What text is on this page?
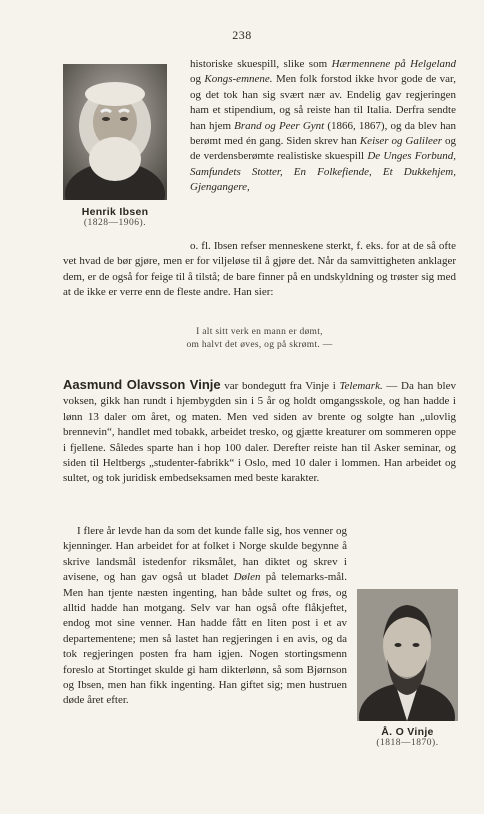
238
Henrik Ibsen
(1828—1906).

historiske skuespill, slike som Hærmennene på Helgeland og Kongs-emnene. Men folk forstod ikke hvor gode de var, og det tok han sig svært nær av. Endelig gav regjeringen ham et stipendium, og så reiste han til Italia. Derfra sendte han hjem Brand og Peer Gynt (1866, 1867), og da blev han berømt med én gang. Siden skrev han Keiser og Galileer og de verdensberømte realistiske skuespill De Unges Forbund, Samfundets Stotter, En Folkefiende, Et Dukkehjem, Gjengangere,

o. fl. Ibsen refser menneskene sterkt, f. eks. for at de så ofte vet hvad de bør gjøre, men er for viljeløse til å gjøre det. Når da samvittigheten anklager dem, er de også for feige til å tilstå; de bare finner på en undskyldning og trøster sig med at de ikke er verre enn de fleste andre. Han sier:

I alt sitt verk en mann er dømt,
om halvt det øves, og på skrømt. —

Aasmund Olavsson Vinje var bondegutt fra Vinje i Telemark. — Da han blev voksen, gikk han rundt i hjembygden sin i 5 år og holdt omgangsskole, og han hadde i lønn 13 daler om året, og maten. Men ved siden av brente og solgte han „ulovlig brennevin“, handlet med tobakk, arbeidet tresko, og gjætte kreaturer om sommeren oppe i fjellene. Således sparte han i hop 100 daler. Derefter reiste han til Asker seminar, og siden til Heltbergs „studenter-fabrikk“ i Oslo, med 10 daler i lommen. Han arbeidet og sultet, og tok juridisk embedseksamen med beste karakter.

I flere år levde han da som det kunde falle sig, hos venner og kjenninger. Han arbeidet for at folket i Norge skulde begynne å skrive landsmål istedenfor riksmålet, han diktet og skrev i avisene, og han gav også ut bladet Dølen på telemarks-mål. Men han tjente næsten ingenting, han både sultet og frøs, og alltid hadde han motgang. Selv var han også ofte flåkjeftet, endog mot sine venner. Han hadde fått en liten post i et av departementene; men så lastet han regjeringen i en avis, og da tok regjeringen posten fra ham igjen. Nogen stortingsmenn foreslo at Stortinget skulde gi ham dikterlønn, så som Bjørnson og Ibsen, men han fikk ingenting. Han giftet sig; men hustruen døde året efter.

Å. O Vinje
(1818—1870).
